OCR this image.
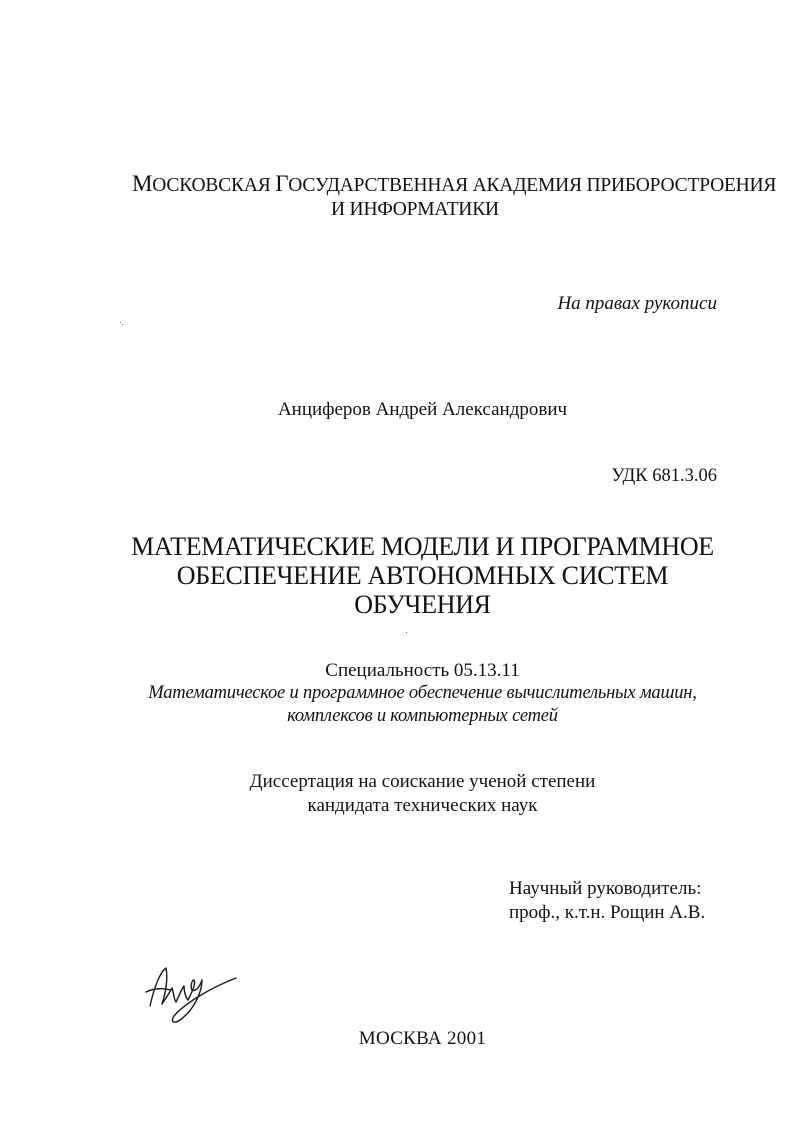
МОСКОВСКАЯ ГОСУДАРСТВЕННАЯ АКАДЕМИЯ ПРИБОРОСТРОЕНИЯ

И ИНФОРМАТИКИ

На правах рукописи

Анциферов Андрей Александрович

УДК 681.3.06

МАТЕМАТИЧЕСКИЕ МОДЕЛИ И ПРОГРАММНОЕ

ОБЕСПЕЧЕНИЕ АВТОНОМНЫХ СИСТЕМ

ОБУЧЕНИЯ

Специальность 05.13.11

Математическое и программное обеспечение вычислительных машин,

комплексов и компьютерных сетей

Диссертация на соискание ученой степени

кандидата технических наук

Научный руководитель:

проф., к.т.н. Рощин А.В.

МОСКВА 2001
